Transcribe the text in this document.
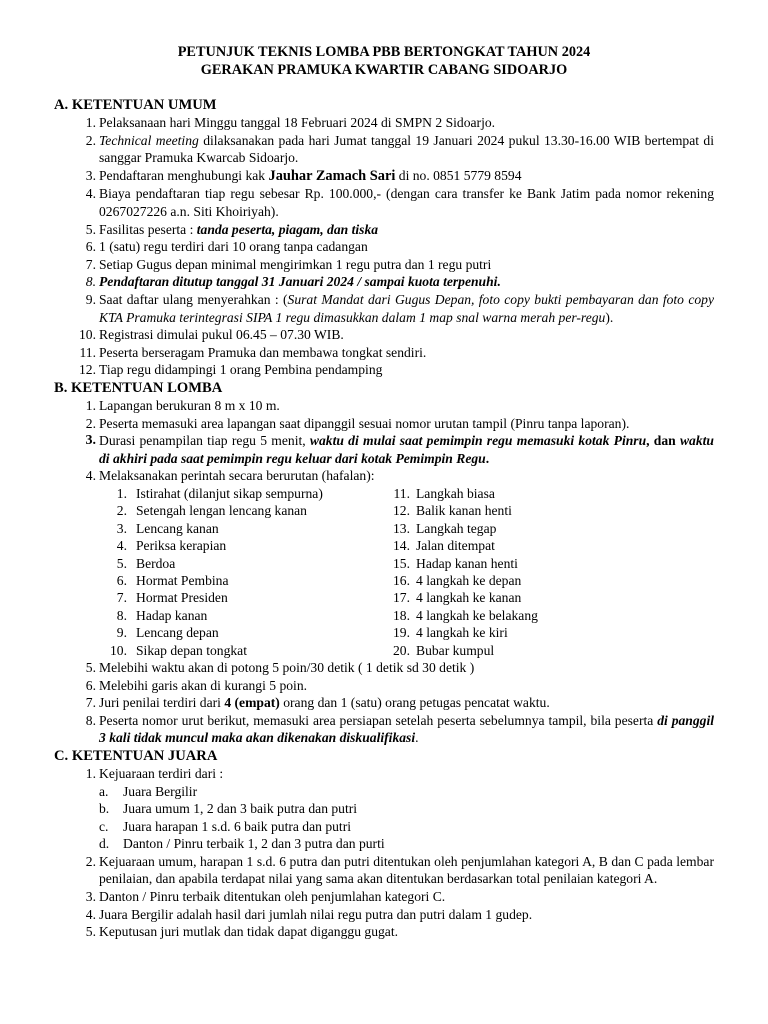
PETUNJUK TEKNIS LOMBA PBB BERTONGKAT TAHUN 2024
GERAKAN PRAMUKA KWARTIR CABANG SIDOARJO
A. KETENTUAN UMUM
1. Pelaksanaan hari Minggu tanggal 18 Februari 2024 di SMPN 2 Sidoarjo.
2. Technical meeting dilaksanakan pada hari Jumat tanggal 19 Januari 2024 pukul 13.30-16.00 WIB bertempat di sanggar Pramuka Kwarcab Sidoarjo.
3. Pendaftaran menghubungi kak Jauhar Zamach Sari di no. 0851 5779 8594
4. Biaya pendaftaran tiap regu sebesar Rp. 100.000,- (dengan cara transfer ke Bank Jatim pada nomor rekening 0267027226 a.n. Siti Khoiriyah).
5. Fasilitas peserta : tanda peserta, piagam, dan tiska
6. 1 (satu) regu terdiri dari 10 orang tanpa cadangan
7. Setiap Gugus depan minimal mengirimkan 1 regu putra dan 1 regu putri
8. Pendaftaran ditutup tanggal 31 Januari 2024 / sampai kuota terpenuhi.
9. Saat daftar ulang menyerahkan : (Surat Mandat dari Gugus Depan, foto copy bukti pembayaran dan foto copy KTA Pramuka terintegrasi SIPA 1 regu dimasukkan dalam 1 map snal warna merah per-regu).
10. Registrasi dimulai pukul 06.45 – 07.30 WIB.
11. Peserta berseragam Pramuka dan membawa tongkat sendiri.
12. Tiap regu didampingi 1 orang Pembina pendamping
B. KETENTUAN LOMBA
1. Lapangan berukuran 8 m x 10 m.
2. Peserta memasuki area lapangan saat dipanggil sesuai nomor urutan tampil (Pinru tanpa laporan).
3. Durasi penampilan tiap regu 5 menit, waktu di mulai saat pemimpin regu memasuki kotak Pinru, dan waktu di akhiri pada saat pemimpin regu keluar dari kotak Pemimpin Regu.
4. Melaksanakan perintah secara berurutan (hafalan):
1. Istirahat (dilanjut sikap sempurna)	11. Langkah biasa
2. Setengah lengan lencang kanan	12. Balik kanan henti
3. Lencang kanan	13. Langkah tegap
4. Periksa kerapian	14. Jalan ditempat
5. Berdoa	15. Hadap kanan henti
6. Hormat Pembina	16. 4 langkah ke depan
7. Hormat Presiden	17. 4 langkah ke kanan
8. Hadap kanan	18. 4 langkah ke belakang
9. Lencang depan	19. 4 langkah ke kiri
10. Sikap depan tongkat	20. Bubar kumpul
5. Melebihi waktu akan di potong 5 poin/30 detik ( 1 detik sd 30 detik )
6. Melebihi garis akan di kurangi 5 poin.
7. Juri penilai terdiri dari 4 (empat) orang dan 1 (satu) orang petugas pencatat waktu.
8. Peserta nomor urut berikut, memasuki area persiapan setelah peserta sebelumnya tampil, bila peserta di panggil 3 kali tidak muncul maka akan dikenakan diskualifikasi.
C. KETENTUAN JUARA
1. Kejuaraan terdiri dari :
a. Juara Bergilir
b. Juara umum 1, 2 dan 3 baik putra dan putri
c. Juara harapan 1 s.d. 6 baik putra dan putri
d. Danton / Pinru terbaik 1, 2 dan 3 putra dan purti
2. Kejuaraan umum, harapan 1 s.d. 6 putra dan putri ditentukan oleh penjumlahan kategori A, B dan C pada lembar penilaian, dan apabila terdapat nilai yang sama akan ditentukan berdasarkan total penilaian kategori A.
3. Danton / Pinru terbaik ditentukan oleh penjumlahan kategori C.
4. Juara Bergilir adalah hasil dari jumlah nilai regu putra dan putri dalam 1 gudep.
5. Keputusan juri mutlak dan tidak dapat diganggu gugat.
